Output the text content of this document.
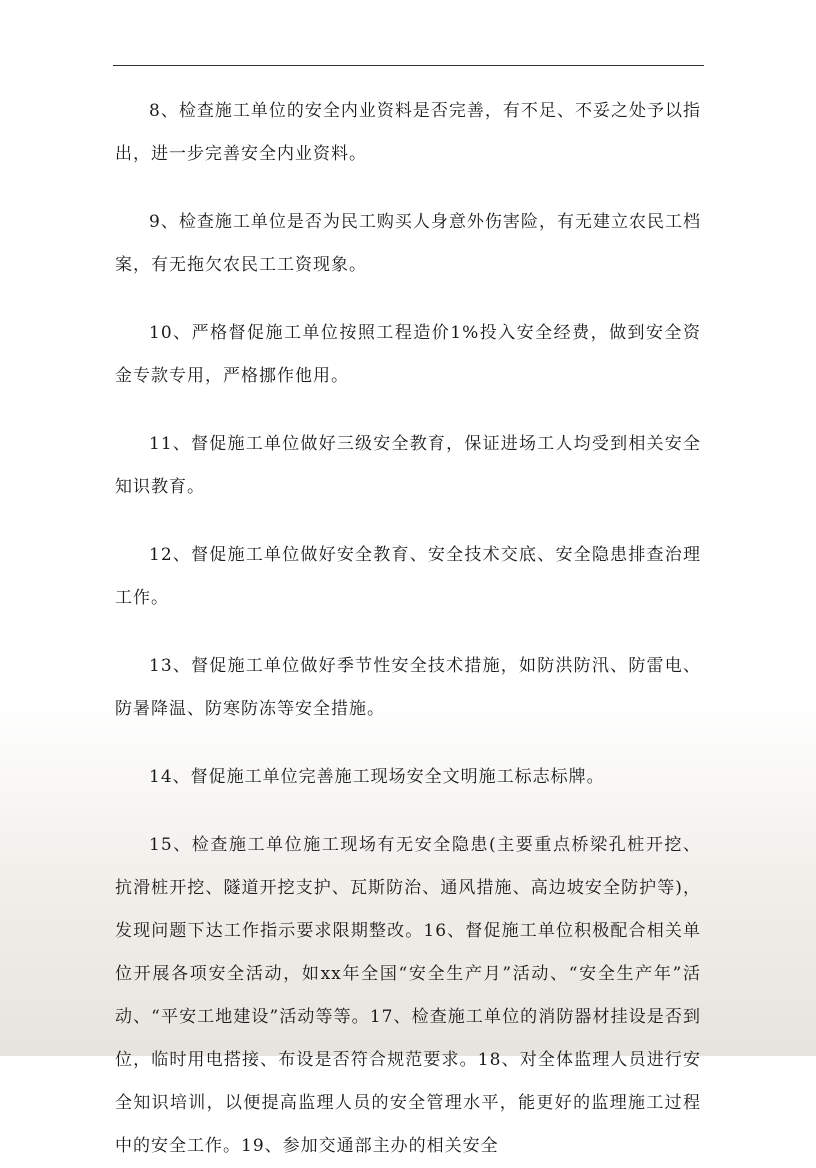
8、检查施工单位的安全内业资料是否完善，有不足、不妥之处予以指出，进一步完善安全内业资料。

9、检查施工单位是否为民工购买人身意外伤害险，有无建立农民工档案，有无拖欠农民工工资现象。

10、严格督促施工单位按照工程造价1%投入安全经费，做到安全资金专款专用，严格挪作他用。

11、督促施工单位做好三级安全教育，保证进场工人均受到相关安全知识教育。

12、督促施工单位做好安全教育、安全技术交底、安全隐患排查治理工作。

13、督促施工单位做好季节性安全技术措施，如防洪防汛、防雷电、防暑降温、防寒防冻等安全措施。

14、督促施工单位完善施工现场安全文明施工标志标牌。

15、检查施工单位施工现场有无安全隐患(主要重点桥梁孔桩开挖、抗滑桩开挖、隧道开挖支护、瓦斯防治、通风措施、高边坡安全防护等)，发现问题下达工作指示要求限期整改。16、督促施工单位积极配合相关单位开展各项安全活动，如xx年全国“安全生产月”活动、“安全生产年”活动、“平安工地建设”活动等等。17、检查施工单位的消防器材挂设是否到位，临时用电搭接、布设是否符合规范要求。18、对全体监理人员进行安全知识培训，以便提高监理人员的安全管理水平，能更好的监理施工过程中的安全工作。19、参加交通部主办的相关安全
